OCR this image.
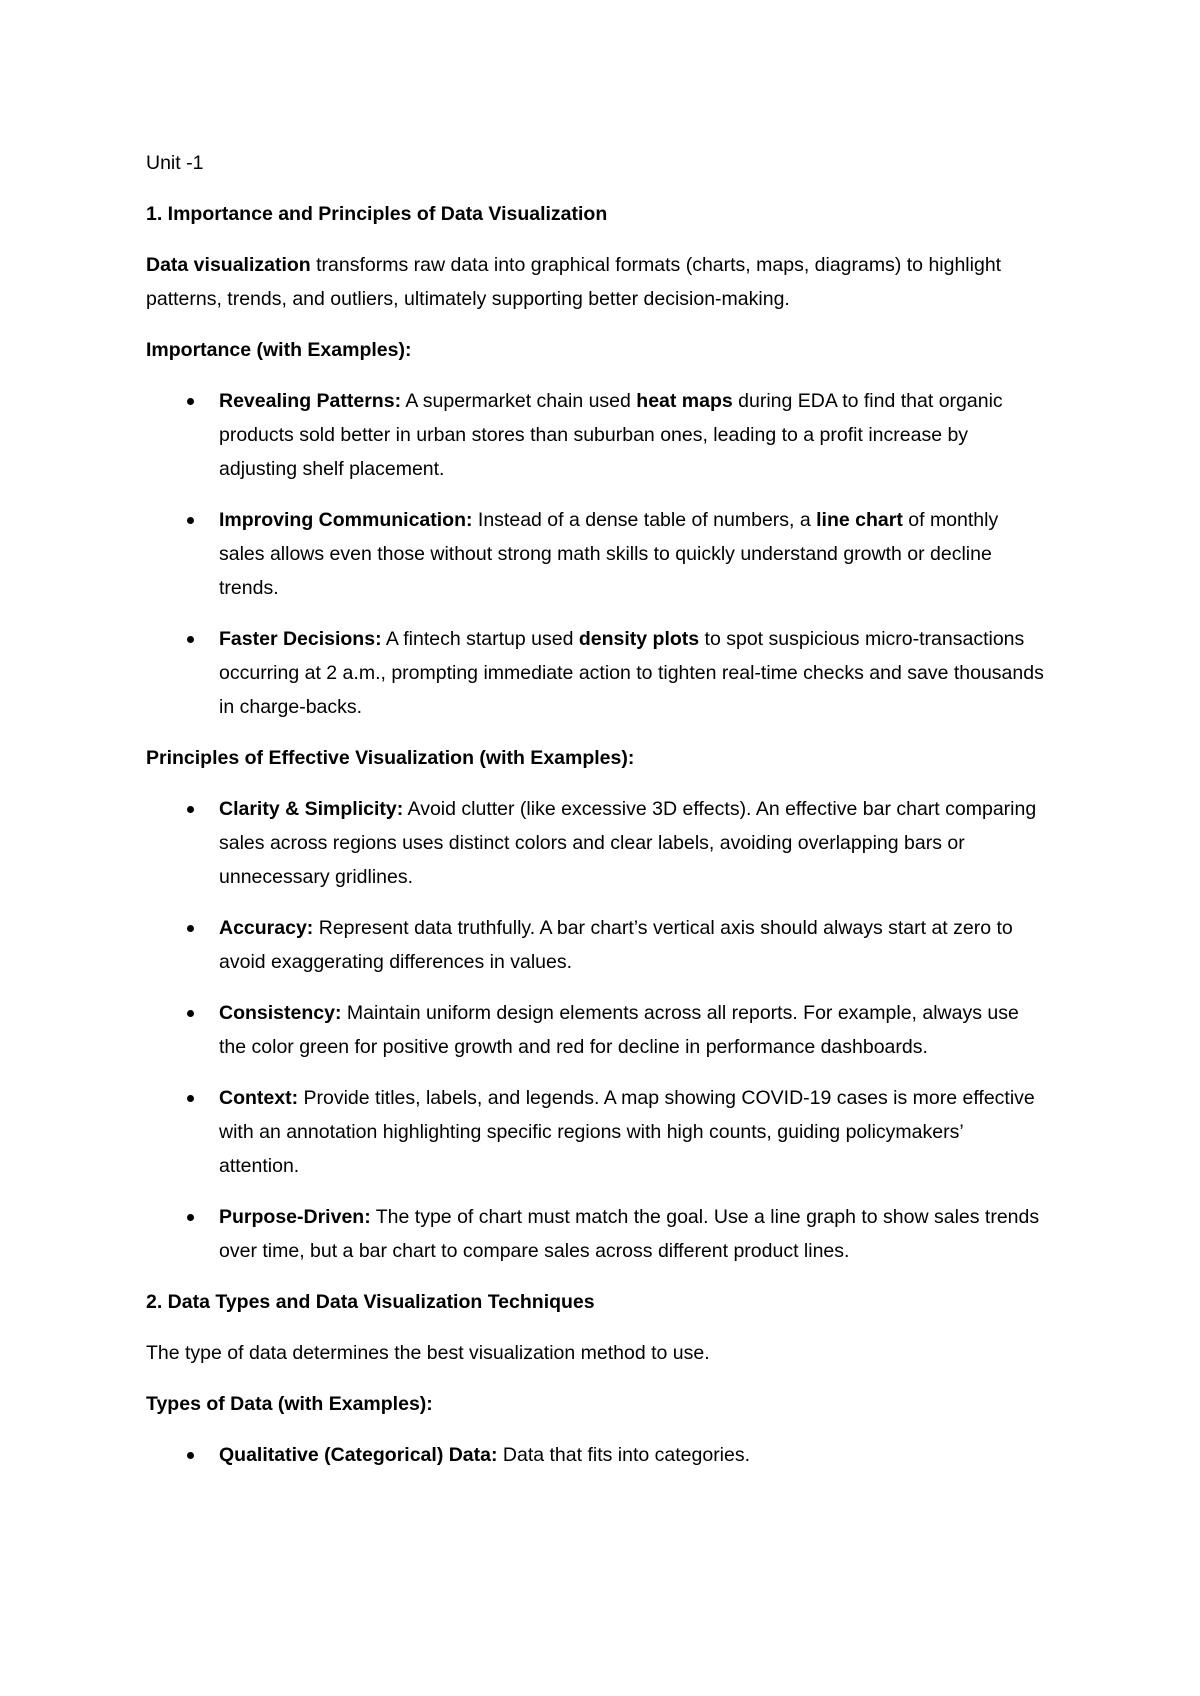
Unit -1

1. Importance and Principles of Data Visualization

Data visualization transforms raw data into graphical formats (charts, maps, diagrams) to highlight patterns, trends, and outliers, ultimately supporting better decision-making.

Importance (with Examples):

Revealing Patterns: A supermarket chain used heat maps during EDA to find that organic products sold better in urban stores than suburban ones, leading to a profit increase by adjusting shelf placement.
Improving Communication: Instead of a dense table of numbers, a line chart of monthly sales allows even those without strong math skills to quickly understand growth or decline trends.
Faster Decisions: A fintech startup used density plots to spot suspicious micro-transactions occurring at 2 a.m., prompting immediate action to tighten real-time checks and save thousands in charge-backs.

Principles of Effective Visualization (with Examples):

Clarity & Simplicity: Avoid clutter (like excessive 3D effects). An effective bar chart comparing sales across regions uses distinct colors and clear labels, avoiding overlapping bars or unnecessary gridlines.
Accuracy: Represent data truthfully. A bar chart’s vertical axis should always start at zero to avoid exaggerating differences in values.
Consistency: Maintain uniform design elements across all reports. For example, always use the color green for positive growth and red for decline in performance dashboards.
Context: Provide titles, labels, and legends. A map showing COVID-19 cases is more effective with an annotation highlighting specific regions with high counts, guiding policymakers’ attention.
Purpose-Driven: The type of chart must match the goal. Use a line graph to show sales trends over time, but a bar chart to compare sales across different product lines.

2. Data Types and Data Visualization Techniques

The type of data determines the best visualization method to use.

Types of Data (with Examples):

Qualitative (Categorical) Data: Data that fits into categories.
